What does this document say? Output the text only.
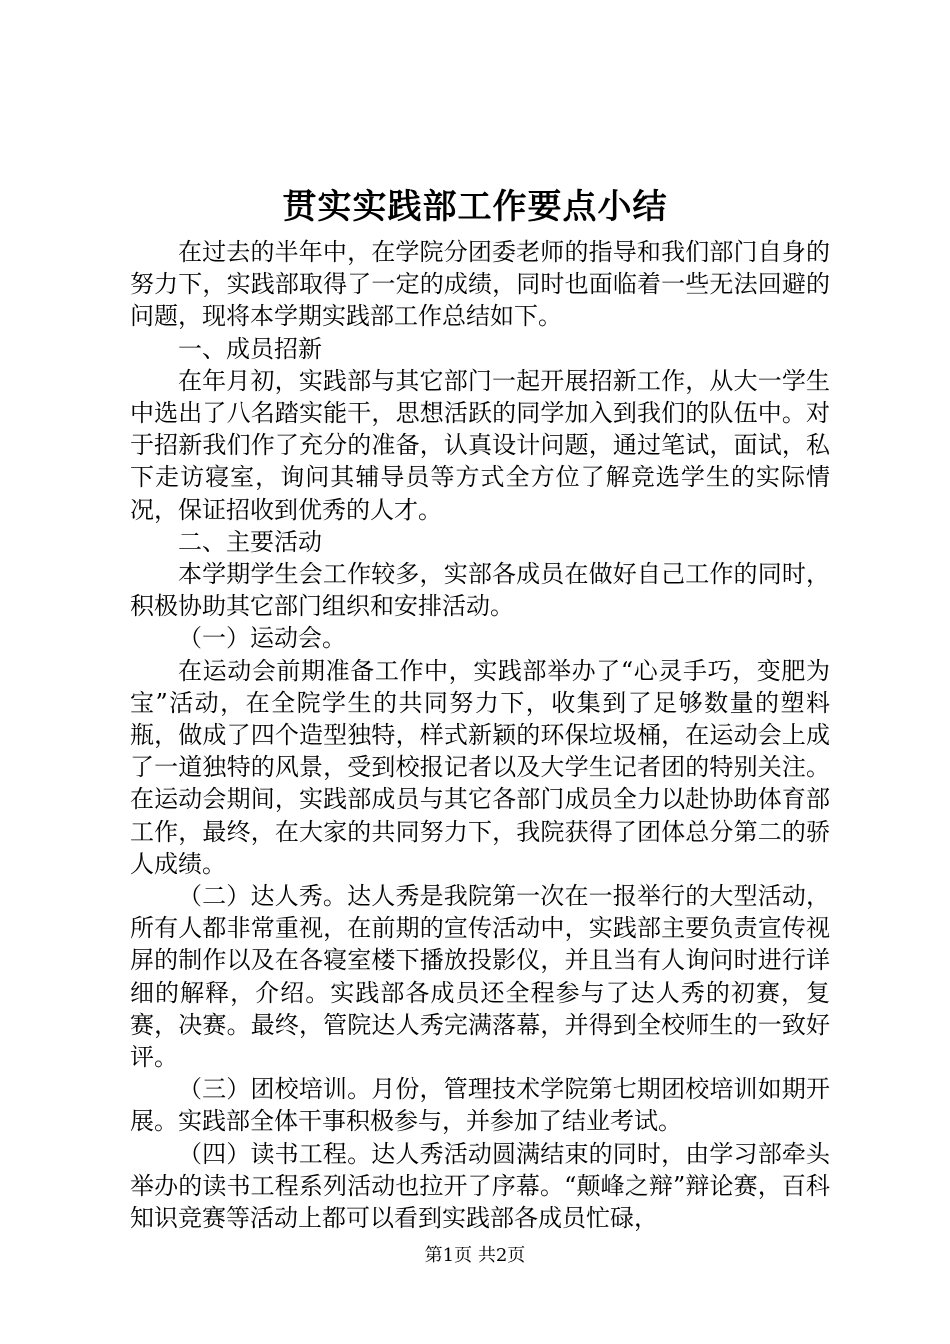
贯实实践部工作要点小结

在过去的半年中，在学院分团委老师的指导和我们部门自身的努力下，实践部取得了一定的成绩，同时也面临着一些无法回避的问题，现将本学期实践部工作总结如下。

一、成员招新

在年月初，实践部与其它部门一起开展招新工作，从大一学生中选出了八名踏实能干，思想活跃的同学加入到我们的队伍中。对于招新我们作了充分的准备，认真设计问题，通过笔试，面试，私下走访寝室，询问其辅导员等方式全方位了解竞选学生的实际情况，保证招收到优秀的人才。

二、主要活动

本学期学生会工作较多，实部各成员在做好自己工作的同时，积极协助其它部门组织和安排活动。

（一）运动会。

在运动会前期准备工作中，实践部举办了“心灵手巧，变肥为宝”活动，在全院学生的共同努力下，收集到了足够数量的塑料瓶，做成了四个造型独特，样式新颖的环保垃圾桶，在运动会上成了一道独特的风景，受到校报记者以及大学生记者团的特别关注。在运动会期间，实践部成员与其它各部门成员全力以赴协助体育部工作，最终，在大家的共同努力下，我院获得了团体总分第二的骄人成绩。

（二）达人秀。达人秀是我院第一次在一报举行的大型活动，所有人都非常重视，在前期的宣传活动中，实践部主要负责宣传视屏的制作以及在各寝室楼下播放投影仪，并且当有人询问时进行详细的解释，介绍。实践部各成员还全程参与了达人秀的初赛，复赛，决赛。最终，管院达人秀完满落幕，并得到全校师生的一致好评。

（三）团校培训。月份，管理技术学院第七期团校培训如期开展。实践部全体干事积极参与，并参加了结业考试。

（四）读书工程。达人秀活动圆满结束的同时，由学习部牵头举办的读书工程系列活动也拉开了序幕。“颠峰之辩”辩论赛，百科知识竞赛等活动上都可以看到实践部各成员忙碌，

第1页 共2页
